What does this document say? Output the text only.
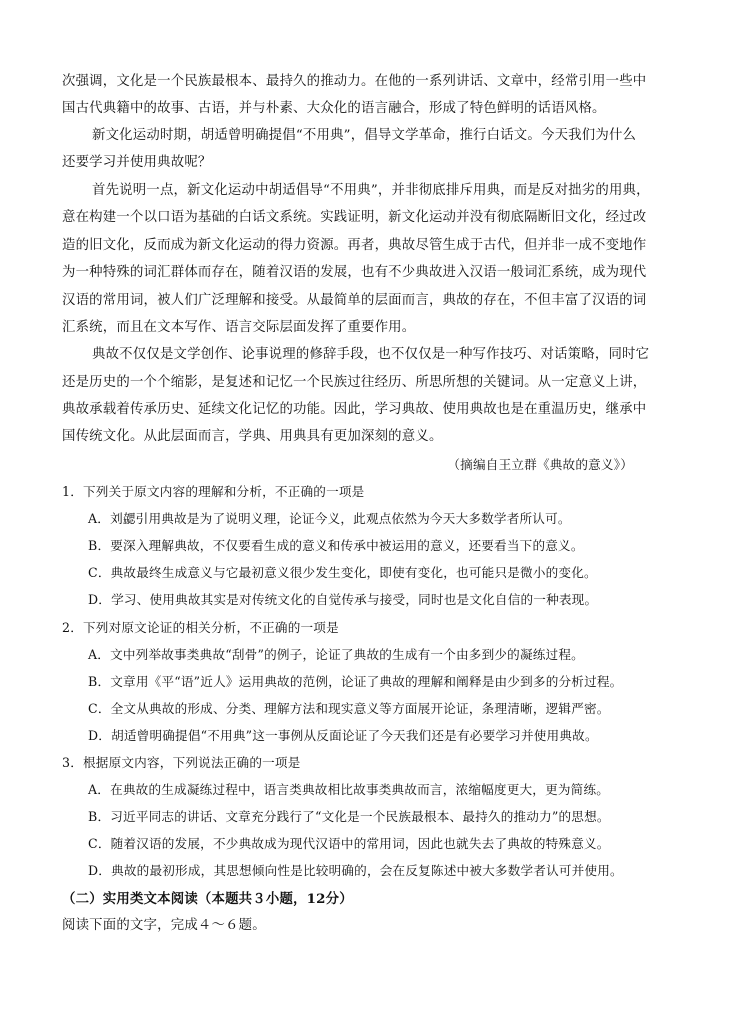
次强调，文化是一个民族最根本、最持久的推动力。在他的一系列讲话、文章中，经常引用一些中
国古代典籍中的故事、古语，并与朴素、大众化的语言融合，形成了特色鲜明的话语风格。
新文化运动时期，胡适曾明确提倡“不用典”，倡导文学革命，推行白话文。今天我们为什么
还要学习并使用典故呢？
首先说明一点，新文化运动中胡适倡导“不用典”，并非彻底排斥用典，而是反对拙劣的用典，
意在构建一个以口语为基础的白话文系统。实践证明，新文化运动并没有彻底隔断旧文化，经过改
造的旧文化，反而成为新文化运动的得力资源。再者，典故尽管生成于古代，但并非一成不变地作
为一种特殊的词汇群体而存在，随着汉语的发展，也有不少典故进入汉语一般词汇系统，成为现代
汉语的常用词，被人们广泛理解和接受。从最简单的层面而言，典故的存在，不但丰富了汉语的词
汇系统，而且在文本写作、语言交际层面发挥了重要作用。
典故不仅仅是文学创作、论事说理的修辞手段，也不仅仅是一种写作技巧、对话策略，同时它
还是历史的一个个缩影，是复述和记忆一个民族过往经历、所思所想的关键词。从一定意义上讲，
典故承载着传承历史、延续文化记忆的功能。因此，学习典故、使用典故也是在重温历史，继承中
国传统文化。从此层面而言，学典、用典具有更加深刻的意义。
（摘编自王立群《典故的意义》）
1．下列关于原文内容的理解和分析，不正确的一项是
A．刘勰引用典故是为了说明义理，论证今义，此观点依然为今天大多数学者所认可。
B．要深入理解典故，不仅要看生成的意义和传承中被运用的意义，还要看当下的意义。
C．典故最终生成意义与它最初意义很少发生变化，即使有变化，也可能只是微小的变化。
D．学习、使用典故其实是对传统文化的自觉传承与接受，同时也是文化自信的一种表现。
2．下列对原文论证的相关分析，不正确的一项是
A．文中列举故事类典故“刮骨”的例子，论证了典故的生成有一个由多到少的凝练过程。
B．文章用《平“语”近人》运用典故的范例，论证了典故的理解和阐释是由少到多的分析过程。
C．全文从典故的形成、分类、理解方法和现实意义等方面展开论证，条理清晰，逻辑严密。
D．胡适曾明确提倡“不用典”这一事例从反面论证了今天我们还是有必要学习并使用典故。
3．根据原文内容，下列说法正确的一项是
A．在典故的生成凝练过程中，语言类典故相比故事类典故而言，浓缩幅度更大，更为简练。
B．习近平同志的讲话、文章充分践行了“文化是一个民族最根本、最持久的推动力”的思想。
C．随着汉语的发展，不少典故成为现代汉语中的常用词，因此也就失去了典故的特殊意义。
D．典故的最初形成，其思想倾向性是比较明确的，会在反复陈述中被大多数学者认可并使用。
（二）实用类文本阅读（本题共３小题，12分）
阅读下面的文字，完成４～６题。
